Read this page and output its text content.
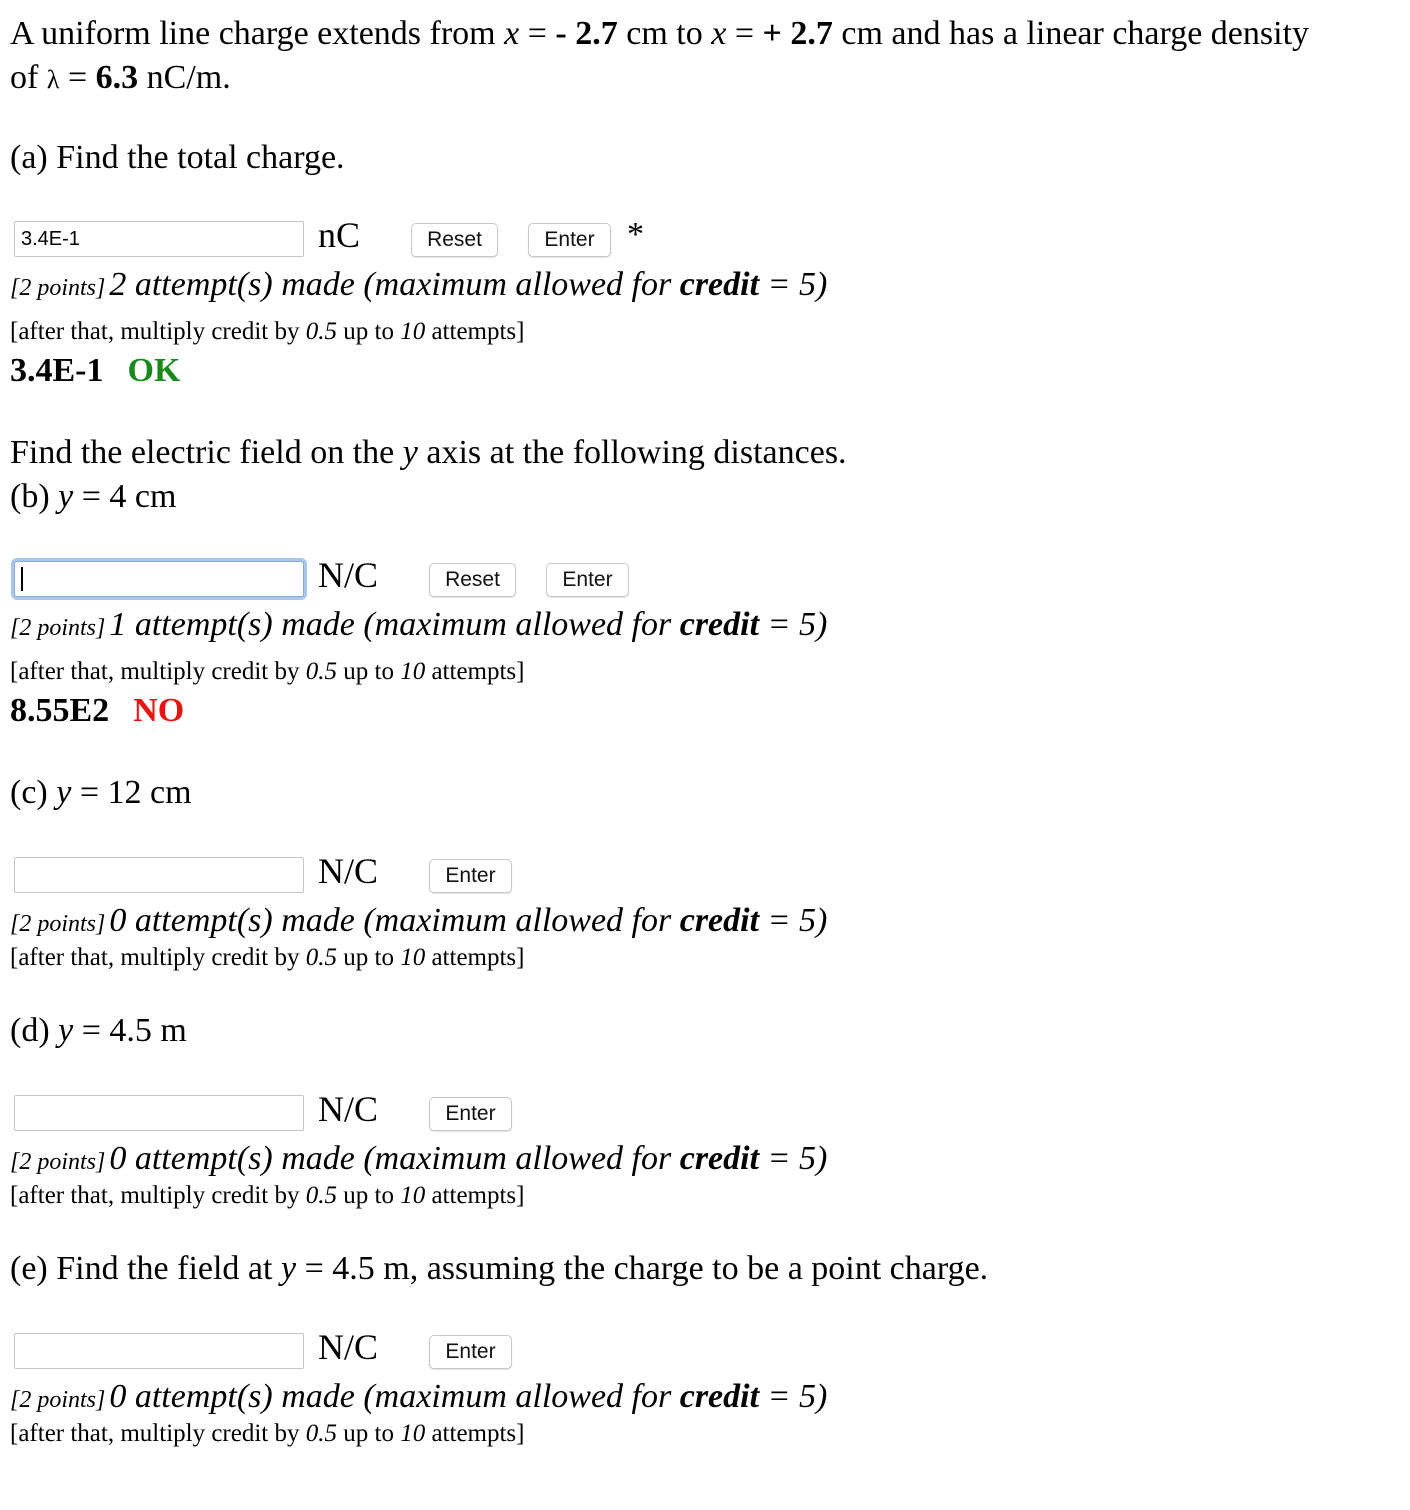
A uniform line charge extends from x = - 2.7 cm to x = + 2.7 cm and has a linear charge density
of λ = 6.3 nC/m.
(a) Find the total charge.
3.4E-1
nC	Reset	Enter *
[2 points] 2 attempt(s) made (maximum allowed for credit = 5)
[after that, multiply credit by 0.5 up to 10 attempts]
3.4E-1 OK
Find the electric field on the y axis at the following distances.
(b) y = 4 cm
N/C	Reset	Enter
[2 points] 1 attempt(s) made (maximum allowed for credit = 5)
[after that, multiply credit by 0.5 up to 10 attempts]
8.55E2 NO
(c) y = 12 cm
N/C	Enter
[2 points] 0 attempt(s) made (maximum allowed for credit = 5)
[after that, multiply credit by 0.5 up to 10 attempts]
(d) y = 4.5 m
N/C	Enter
[2 points] 0 attempt(s) made (maximum allowed for credit = 5)
[after that, multiply credit by 0.5 up to 10 attempts]
(e) Find the field at y = 4.5 m, assuming the charge to be a point charge.
N/C	Enter
[2 points] 0 attempt(s) made (maximum allowed for credit = 5)
[after that, multiply credit by 0.5 up to 10 attempts]
